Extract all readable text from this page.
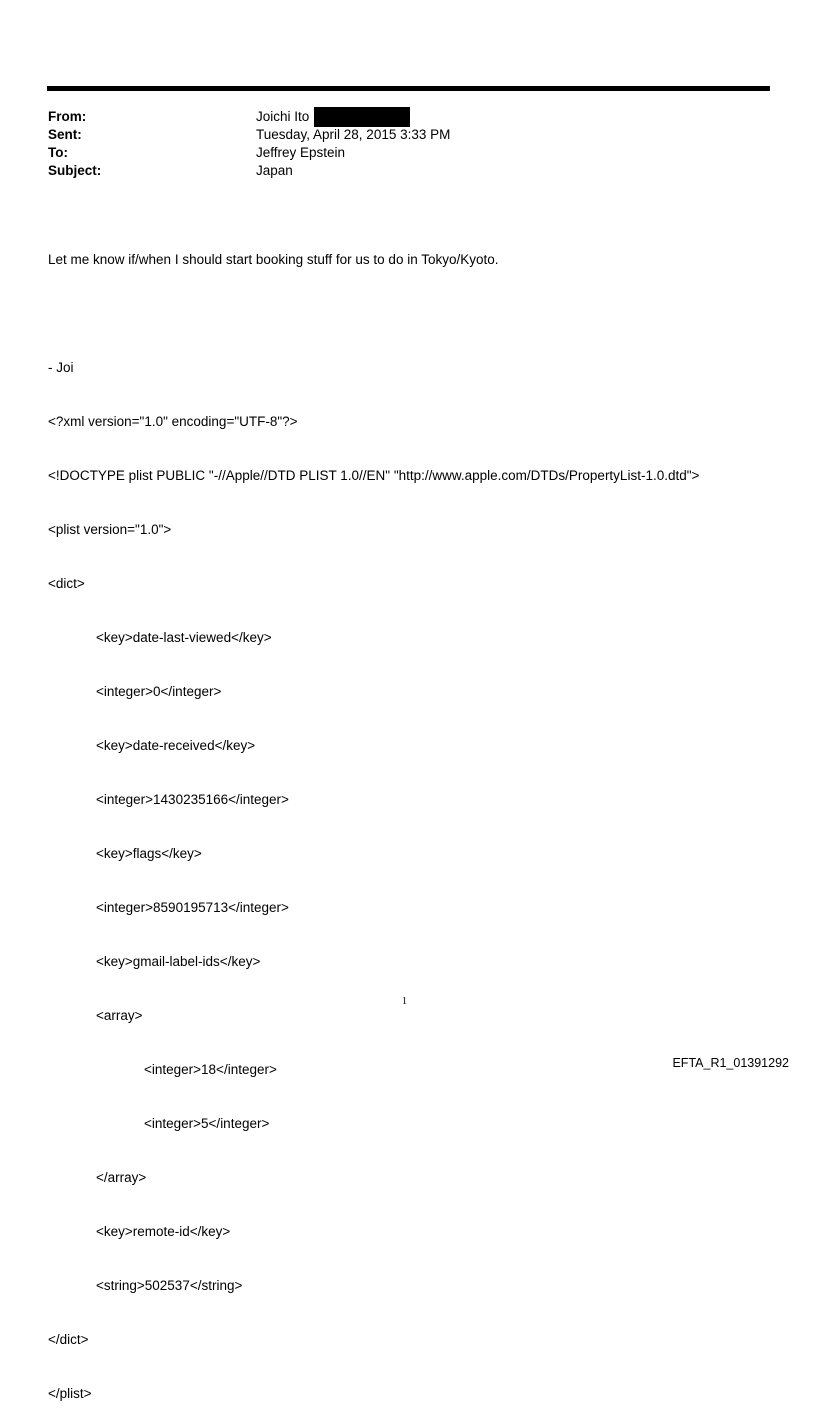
From:	Joichi Ito
Sent:	Tuesday, April 28, 2015 3:33 PM
To:	Jeffrey Epstein
Subject:	Japan

Let me know if/when I should start booking stuff for us to do in Tokyo/Kyoto.

- Joi

<?xml version="1.0" encoding="UTF-8"?>

<!DOCTYPE plist PUBLIC "-//Apple//DTD PLIST 1.0//EN" "http://www.apple.com/DTDs/PropertyList-1.0.dtd">

<plist version="1.0">

<dict>

<key>date-last-viewed</key>

<integer>0</integer>

<key>date-received</key>

<integer>1430235166</integer>

<key>flags</key>

<integer>8590195713</integer>

<key>gmail-label-ids</key>

<array>

<integer>18</integer>

<integer>5</integer>

</array>

<key>remote-id</key>

<string>502537</string>

</dict>

</plist>

1
EFTA_R1_01391292
